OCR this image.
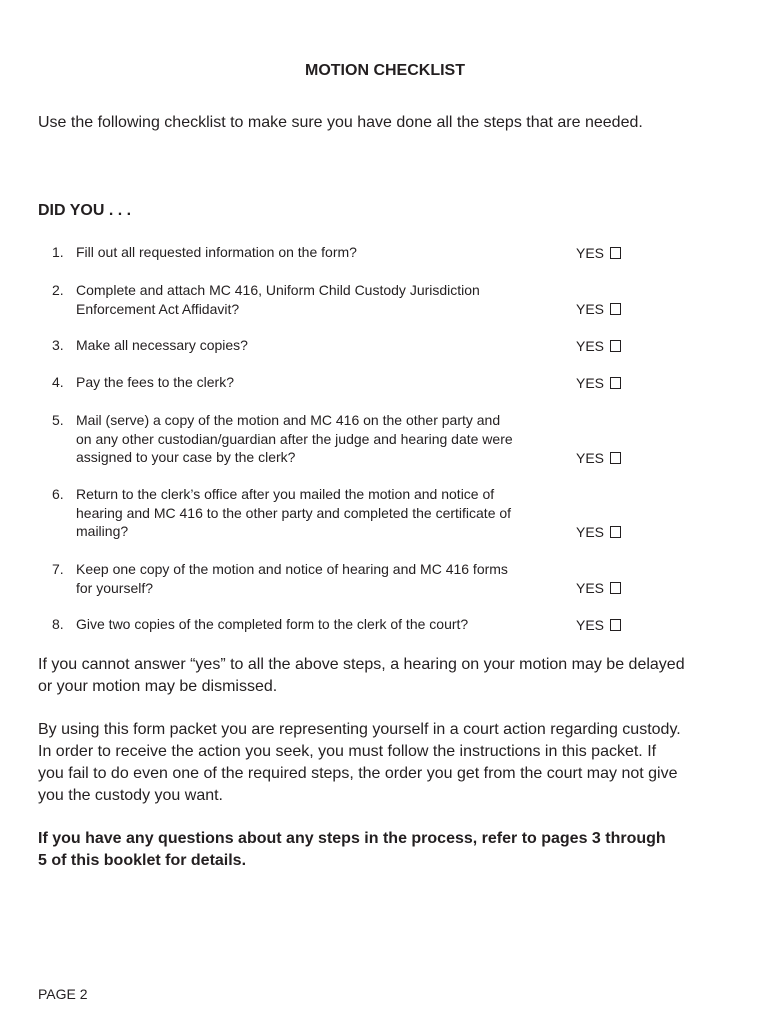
MOTION CHECKLIST
Use the following checklist to make sure you have done all the steps that are needed.
DID YOU . . .
1. Fill out all requested information on the form?	YES
2. Complete and attach MC 416, Uniform Child Custody Jurisdiction
Enforcement Act Affidavit?	YES
3. Make all necessary copies?	YES
4. Pay the fees to the clerk?	YES
5. Mail (serve) a copy of the motion and MC 416 on the other party and
on any other custodian/guardian after the judge and hearing date were
assigned to your case by the clerk?	YES
6. Return to the clerk’s office after you mailed the motion and notice of
hearing and MC 416 to the other party and completed the certificate of
mailing?	YES
7. Keep one copy of the motion and notice of hearing and MC 416 forms
for yourself?	YES
8. Give two copies of the completed form to the clerk of the court?	YES
If you cannot answer “yes” to all the above steps, a hearing on your motion may be delayed
or your motion may be dismissed.
By using this form packet you are representing yourself in a court action regarding custody.
In order to receive the action you seek, you must follow the instructions in this packet. If
you fail to do even one of the required steps, the order you get from the court may not give
you the custody you want.
If you have any questions about any steps in the process, refer to pages 3 through
5 of this booklet for details.
PAGE 2
